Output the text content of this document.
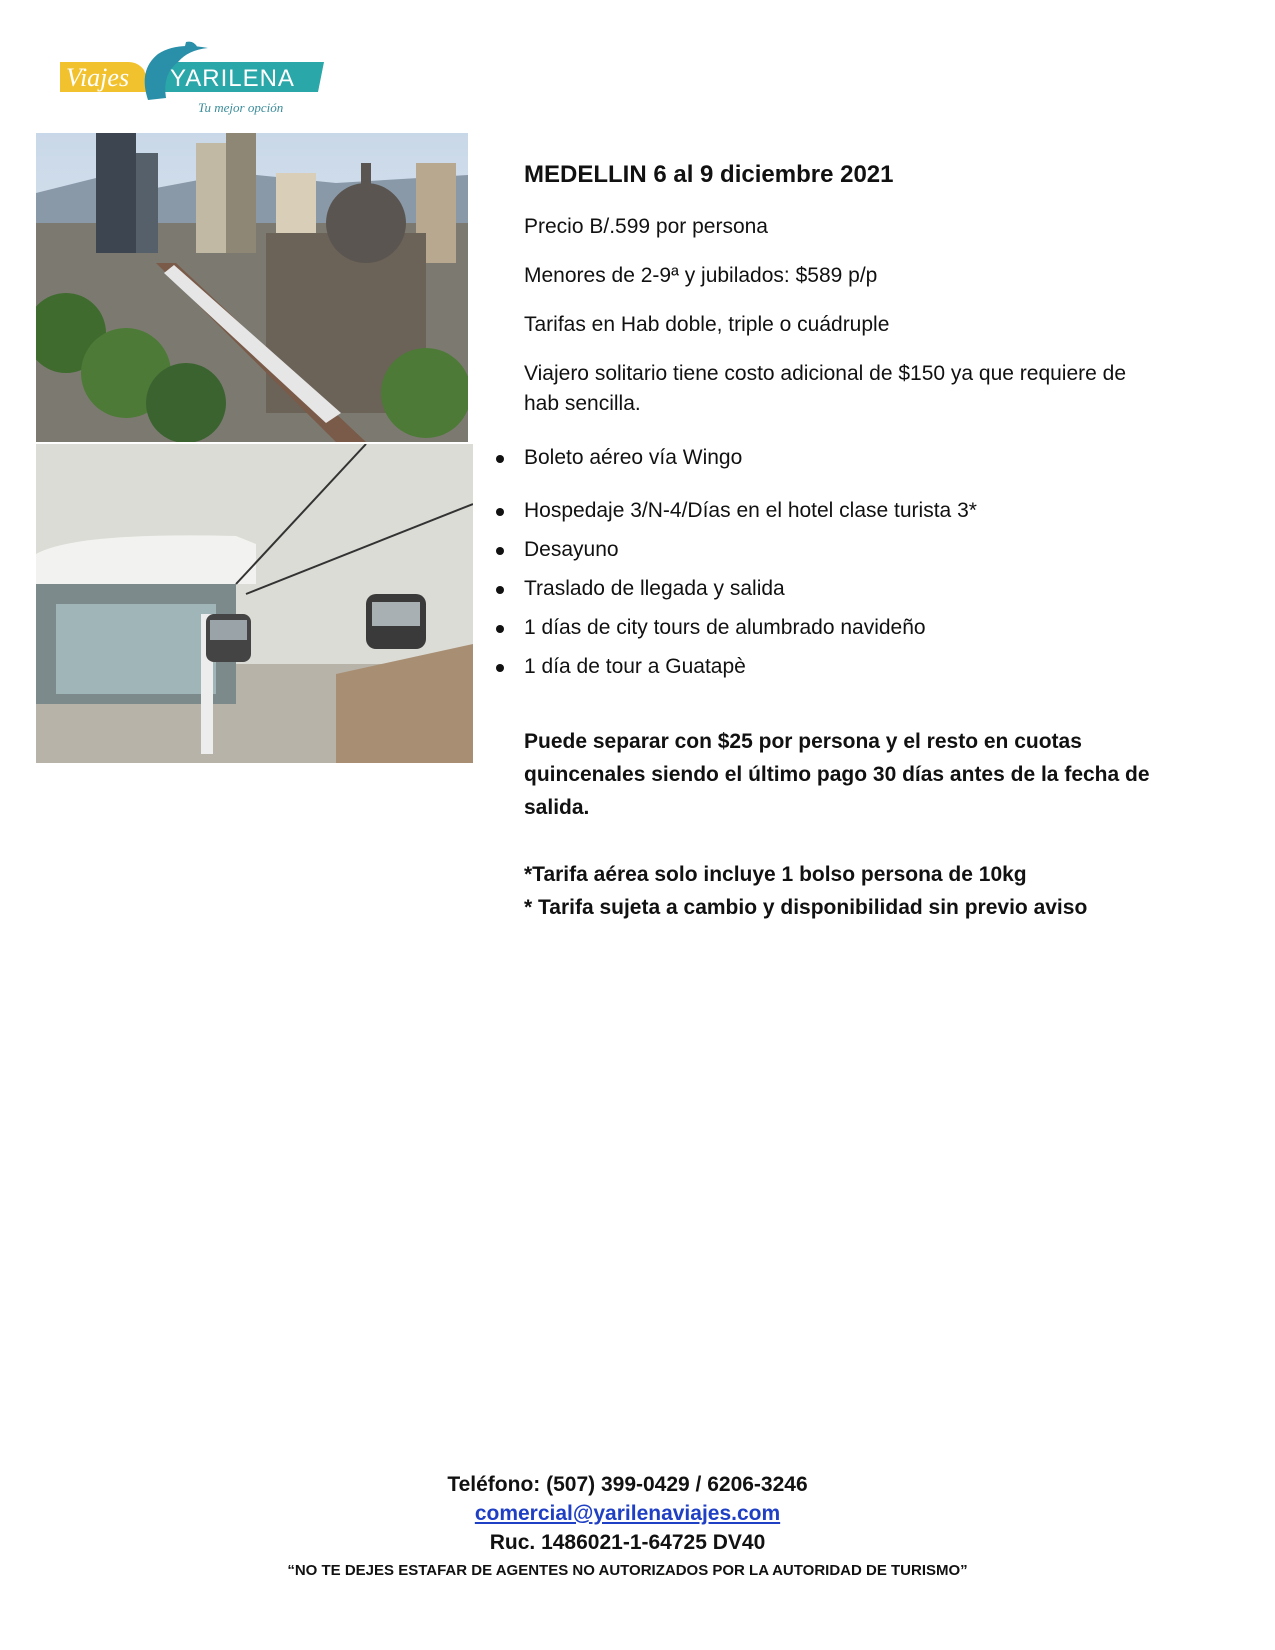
Viajes YARILENA
Tu mejor opción
MEDELLIN 6 al 9 diciembre 2021
Precio B/.599 por persona
Menores de 2-9ª y jubilados: $589 p/p
Tarifas en Hab doble, triple o cuádruple
Viajero solitario tiene costo adicional de $150 ya que requiere de
hab sencilla.
Boleto aéreo vía Wingo
Hospedaje 3/N-4/Días en el hotel clase turista 3*
Desayuno
Traslado de llegada y salida
1 días de city tours de alumbrado navideño
1 día de tour a Guatapè
Puede separar con $25 por persona y el resto en cuotas
quincenales siendo el último pago 30 días antes de la fecha de
salida.
*Tarifa aérea solo incluye 1 bolso persona de 10kg
* Tarifa sujeta a cambio y disponibilidad sin previo aviso
Teléfono: (507) 399-0429 / 6206-3246
comercial@yarilenaviajes.com
Ruc. 1486021-1-64725 DV40
“NO TE DEJES ESTAFAR DE AGENTES NO AUTORIZADOS POR LA AUTORIDAD DE TURISMO”
